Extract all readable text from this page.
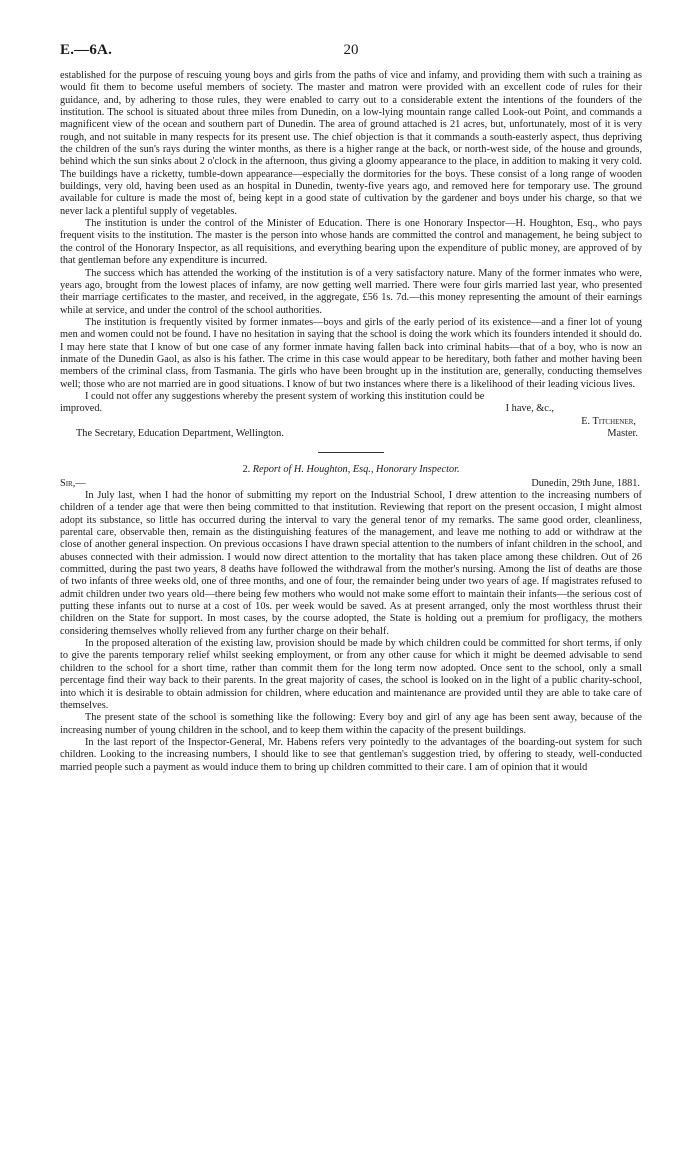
E.—6A.	20

established for the purpose of rescuing young boys and girls from the paths of vice and infamy, and providing them with such a training as would fit them to become useful members of society. The master and matron were provided with an excellent code of rules for their guidance, and, by adhering to those rules, they were enabled to carry out to a considerable extent the intentions of the founders of the institution. The school is situated about three miles from Dunedin, on a low-lying mountain range called Look-out Point, and commands a magnificent view of the ocean and southern part of Dunedin. The area of ground attached is 21 acres, but, unfortunately, most of it is very rough, and not suitable in many respects for its present use. The chief objection is that it commands a south-easterly aspect, thus depriving the children of the sun's rays during the winter months, as there is a higher range at the back, or north-west side, of the house and grounds, behind which the sun sinks about 2 o'clock in the afternoon, thus giving a gloomy appearance to the place, in addition to making it very cold. The buildings have a ricketty, tumble-down appearance—especially the dormitories for the boys. These consist of a long range of wooden buildings, very old, having been used as an hospital in Dunedin, twenty-five years ago, and removed here for temporary use. The ground available for culture is made the most of, being kept in a good state of cultivation by the gardener and boys under his charge, so that we never lack a plentiful supply of vegetables.

The institution is under the control of the Minister of Education. There is one Honorary Inspector—H. Houghton, Esq., who pays frequent visits to the institution. The master is the person into whose hands are committed the control and management, he being subject to the control of the Honorary Inspector, as all requisitions, and everything bearing upon the expenditure of public money, are approved of by that gentleman before any expenditure is incurred.

The success which has attended the working of the institution is of a very satisfactory nature. Many of the former inmates who were, years ago, brought from the lowest places of infamy, are now getting well married. There were four girls married last year, who presented their marriage certificates to the master, and received, in the aggregate, £56 1s. 7d.—this money representing the amount of their earnings while at service, and under the control of the school authorities.

The institution is frequently visited by former inmates—boys and girls of the early period of its existence—and a finer lot of young men and women could not be found. I have no hesitation in saying that the school is doing the work which its founders intended it should do. I may here state that I know of but one case of any former inmate having fallen back into criminal habits—that of a boy, who is now an inmate of the Dunedin Gaol, as also is his father. The crime in this case would appear to be hereditary, both father and mother having been members of the criminal class, from Tasmania. The girls who have been brought up in the institution are, generally, conducting themselves well; those who are not married are in good situations. I know of but two instances where there is a likelihood of their leading vicious lives.

I could not offer any suggestions whereby the present system of working this institution could be

improved.	I have, &c.,
E. Titchener,
The Secretary, Education Department, Wellington.	Master.
2. Report of H. Houghton, Esq., Honorary Inspector.
Sir,—	Dunedin, 29th June, 1881.

In July last, when I had the honor of submitting my report on the Industrial School, I drew attention to the increasing numbers of children of a tender age that were then being committed to that institution. Reviewing that report on the present occasion, I might almost adopt its substance, so little has occurred during the interval to vary the general tenor of my remarks. The same good order, cleanliness, parental care, observable then, remain as the distinguishing features of the management, and leave me nothing to add or withdraw at the close of another general inspection. On previous occasions I have drawn special attention to the numbers of infant children in the school, and abuses connected with their admission. I would now direct attention to the mortality that has taken place among these children. Out of 26 committed, during the past two years, 8 deaths have followed the withdrawal from the mother's nursing. Among the list of deaths are those of two infants of three weeks old, one of three months, and one of four, the remainder being under two years of age. If magistrates refused to admit children under two years old—there being few mothers who would not make some effort to maintain their infants—the serious cost of putting these infants out to nurse at a cost of 10s. per week would be saved. As at present arranged, only the most worthless thrust their children on the State for support. In most cases, by the course adopted, the State is holding out a premium for profligacy, the mothers considering themselves wholly relieved from any further charge on their behalf.

In the proposed alteration of the existing law, provision should be made by which children could be committed for short terms, if only to give the parents temporary relief whilst seeking employment, or from any other cause for which it might be deemed advisable to send children to the school for a short time, rather than commit them for the long term now adopted. Once sent to the school, only a small percentage find their way back to their parents. In the great majority of cases, the school is looked on in the light of a public charity-school, into which it is desirable to obtain admission for children, where education and maintenance are provided until they are able to take care of themselves.

The present state of the school is something like the following: Every boy and girl of any age has been sent away, because of the increasing number of young children in the school, and to keep them within the capacity of the present buildings.

In the last report of the Inspector-General, Mr. Habens refers very pointedly to the advantages of the boarding-out system for such children. Looking to the increasing numbers, I should like to see that gentleman's suggestion tried, by offering to steady, well-conducted married people such a payment as would induce them to bring up children committed to their care. I am of opinion that it would
